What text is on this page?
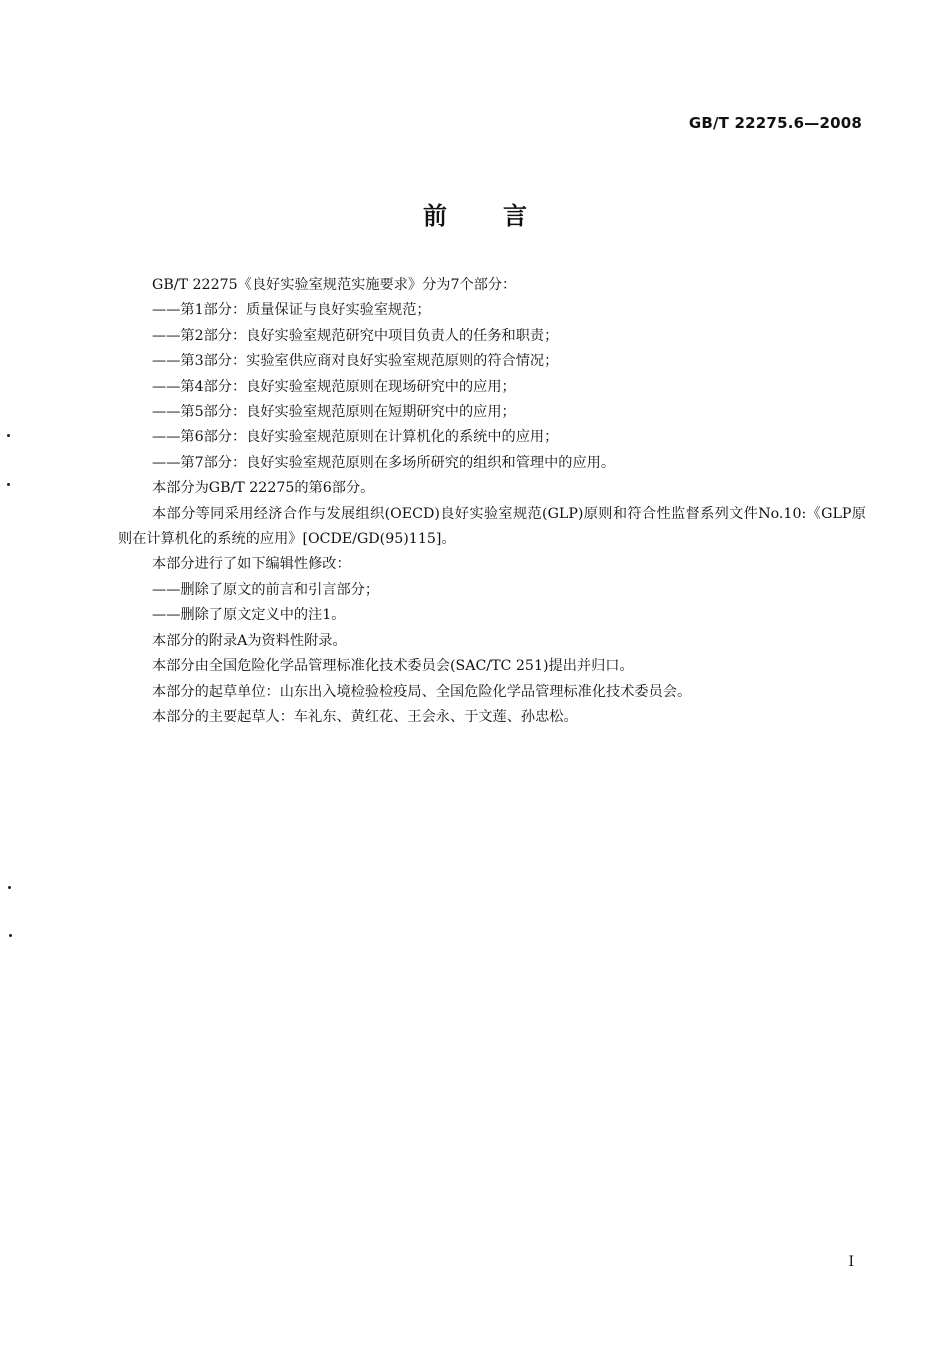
GB/T 22275.6—2008
前言

GB/T 22275《良好实验室规范实施要求》分为7个部分：

——第1部分：质量保证与良好实验室规范；

——第2部分：良好实验室规范研究中项目负责人的任务和职责；

——第3部分：实验室供应商对良好实验室规范原则的符合情况；

——第4部分：良好实验室规范原则在现场研究中的应用；

——第5部分：良好实验室规范原则在短期研究中的应用；

——第6部分：良好实验室规范原则在计算机化的系统中的应用；

——第7部分：良好实验室规范原则在多场所研究的组织和管理中的应用。

本部分为GB/T 22275的第6部分。

本部分等同采用经济合作与发展组织(OECD)良好实验室规范(GLP)原则和符合性监督系列文件No.10:《GLP原则在计算机化的系统的应用》[OCDE/GD(95)115]。

本部分进行了如下编辑性修改：

——删除了原文的前言和引言部分；

——删除了原文定义中的注1。

本部分的附录A为资料性附录。

本部分由全国危险化学品管理标准化技术委员会(SAC/TC 251)提出并归口。

本部分的起草单位：山东出入境检验检疫局、全国危险化学品管理标准化技术委员会。

本部分的主要起草人：车礼东、黄红花、王会永、于文莲、孙忠松。

I
